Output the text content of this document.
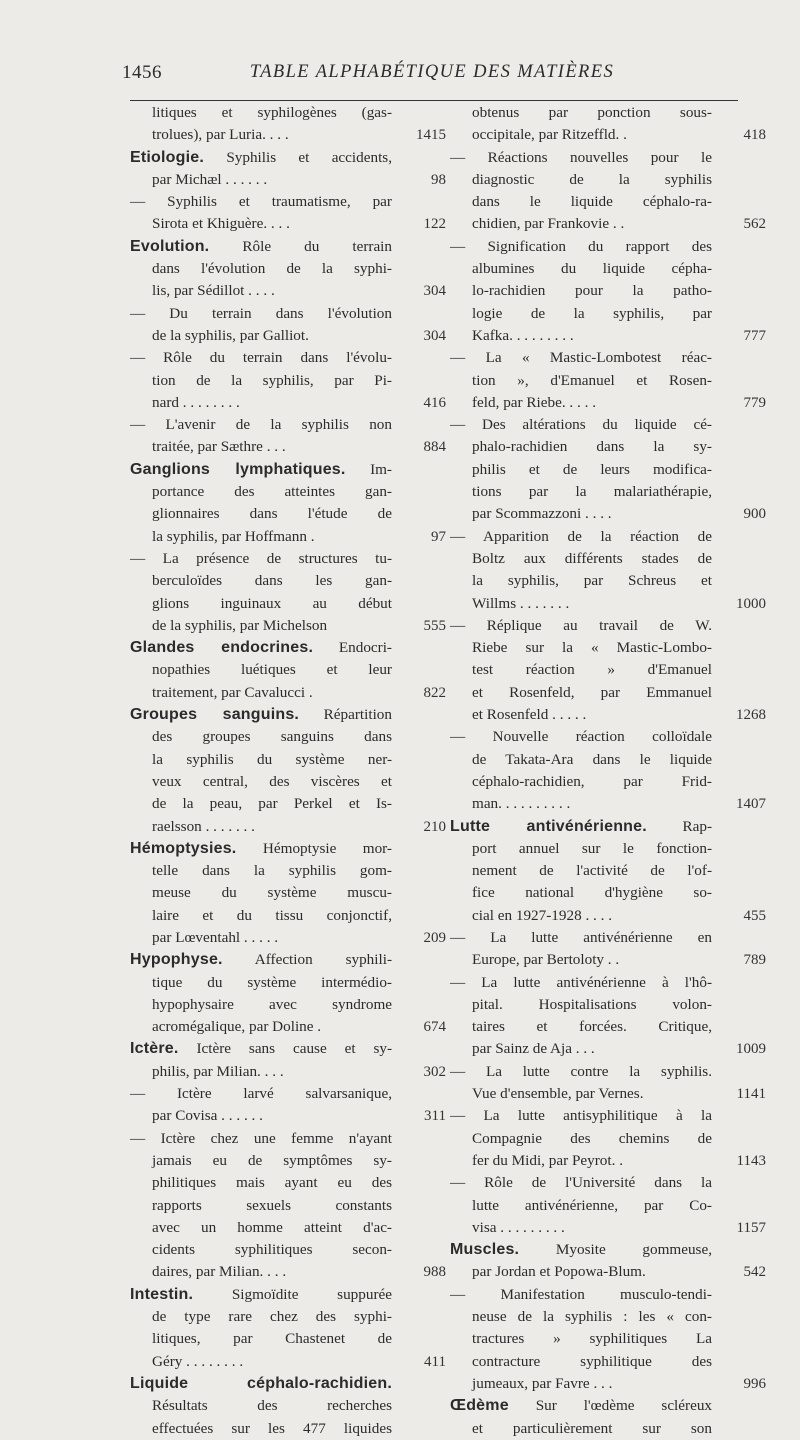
1456	TABLE ALPHABÉTIQUE DES MATIÈRES
litiques et syphilogènes (gas-
trolues), par Luria. . . .	1415
Etiologie. Syphilis et accidents,
par Michæl . . . . . .	98
— Syphilis et traumatisme, par
Sirota et Khiguère. . . .	122
Evolution. Rôle du terrain
dans l'évolution de la syphi-
lis, par Sédillot . . . .	304
— Du terrain dans l'évolution
de la syphilis, par Galliot.	304
— Rôle du terrain dans l'évolu-
tion de la syphilis, par Pi-
nard . . . . . . . .	416
— L'avenir de la syphilis non
traitée, par Sæthre . . .	884
Ganglions lymphatiques. Im-
portance des atteintes gan-
glionnaires dans l'étude de
la syphilis, par Hoffmann .	97
— La présence de structures tu-
berculoïdes dans les gan-
glions inguinaux au début
de la syphilis, par Michelson	555
Glandes endocrines. Endocri-
nopathies luétiques et leur
traitement, par Cavalucci .	822
Groupes sanguins. Répartition
des groupes sanguins dans
la syphilis du système ner-
veux central, des viscères et
de la peau, par Perkel et Is-
raelsson . . . . . . .	210
Hémoptysies. Hémoptysie mor-
telle dans la syphilis gom-
meuse du système muscu-
laire et du tissu conjonctif,
par Lœventahl . . . . .	209
Hypophyse. Affection syphili-
tique du système intermédio-
hypophysaire avec syndrome
acromégalique, par Doline .	674
Ictère. Ictère sans cause et sy-
philis, par Milian. . . .	302
— Ictère larvé salvarsanique,
par Covisa . . . . . .	311
— Ictère chez une femme n'ayant
jamais eu de symptômes sy-
philitiques mais ayant eu des
rapports sexuels constants
avec un homme atteint d'ac-
cidents syphilitiques secon-
daires, par Milian. . . .	988
Intestin.	Sigmoïdite suppurée
de type rare chez des syphi-
litiques, par Chastenet de
Géry . . . . . . . .	411
Liquide céphalo-rachidien.
Résultats des recherches
effectuées sur les 477 liquides
obtenus par ponction sous-
occipitale, par Ritzeffld. .	418
— Réactions nouvelles pour le
diagnostic de la syphilis
dans le liquide céphalo-ra-
chidien, par Frankovie . .	562
— Signification du rapport des
albumines du liquide cépha-
lo-rachidien pour la patho-
logie de la syphilis, par
Kafka. . . . . . . . .	777
— La « Mastic-Lombotest réac-
tion », d'Emanuel et Rosen-
feld, par Riebe. . . . .	779
— Des altérations du liquide cé-
phalo-rachidien dans la sy-
philis et de leurs modifica-
tions par la malariathérapie,
par Scommazzoni . . . .	900
— Apparition de la réaction de
Boltz aux différents stades de
la syphilis, par Schreus et
Willms . . . . . . .	1000
— Réplique au travail de W.
Riebe sur la « Mastic-Lombo-
test réaction » d'Emanuel
et Rosenfeld, par Emmanuel
et Rosenfeld . . . . .	1268
— Nouvelle réaction colloïdale
de Takata-Ara dans le liquide
céphalo-rachidien, par Frid-
man. . . . . . . . . .	1407
Lutte antivénérienne. Rap-
port annuel sur le fonction-
nement de l'activité de l'of-
fice national d'hygiène so-
cial en 1927-1928 . . . .	455
— La lutte antivénérienne en
Europe, par Bertoloty . .	789
— La lutte antivénérienne à l'hô-
pital. Hospitalisations volon-
taires et forcées. Critique,
par Sainz de Aja . . .	1009
— La lutte contre la syphilis.
Vue d'ensemble, par Vernes.	1141
— La lutte antisyphilitique à la
Compagnie des chemins de
fer du Midi, par Peyrot. .	1143
— Rôle de l'Université dans la
lutte antivénérienne, par Co-
visa . . . . . . . . .	1157
Muscles. Myosite gommeuse,
par Jordan et Popowa-Blum.	542
— Manifestation musculo-tendi-
neuse de la syphilis : les « con-
tractures » syphilitiques La
contracture syphilitique des
jumeaux, par Favre . . .	996
Œdème Sur l'œdème scléreux
et particulièrement sur son
